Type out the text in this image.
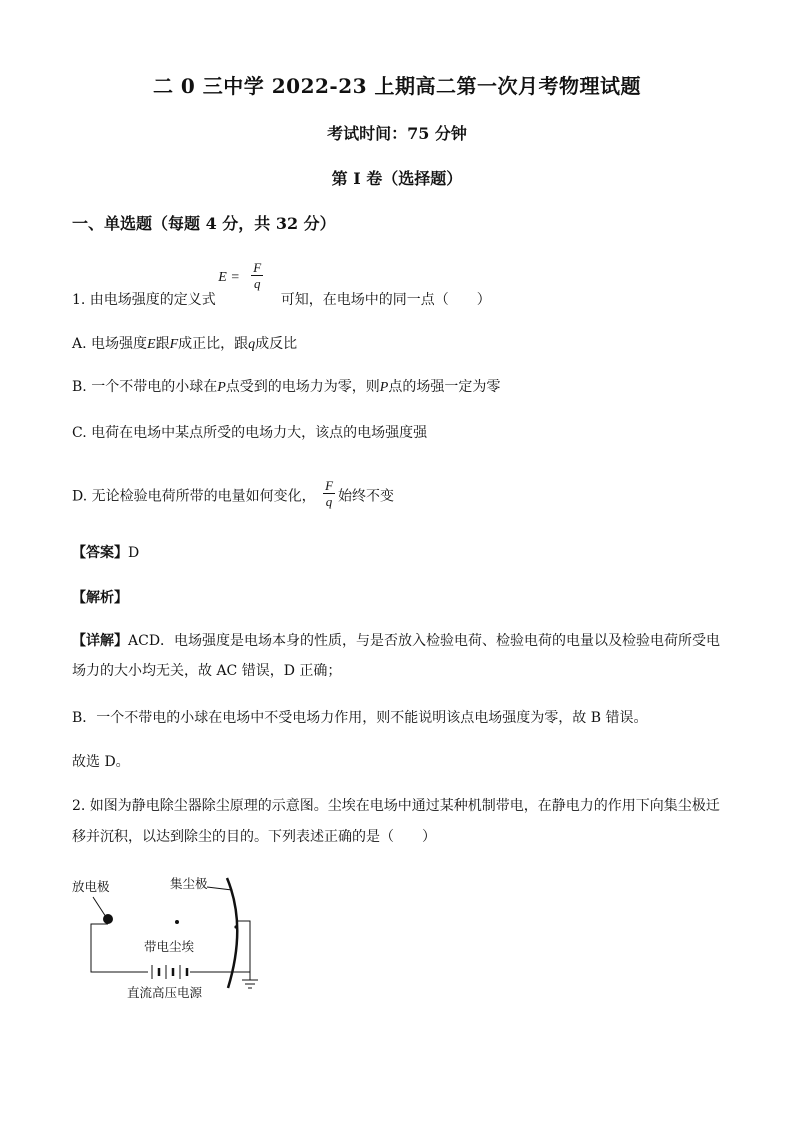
二 0 三中学 2022-23 上期高二第一次月考物理试题
考试时间：75 分钟
第 I 卷（选择题）
一、单选题（每题 4 分，共 32 分）
1. 由电场强度的定义式
$E = \frac{F}{q}$
可知，在电场中的同一点（　　）
A. 电场强度E跟F成正比，跟q成反比
B. 一个不带电的小球在P点受到的电场力为零，则P点的场强一定为零
C. 电荷在电场中某点所受的电场力大，该点的电场强度强
D. 无论检验电荷所带的电量如何变化， $\frac{F}{q}$ 始终不变
【答案】D
【解析】
【详解】ACD．电场强度是电场本身的性质，与是否放入检验电荷、检验电荷的电量以及检验电荷所受电场力的大小均无关，故 AC 错误，D 正确；
B．一个不带电的小球在电场中不受电场力作用，则不能说明该点电场强度为零，故 B 错误。
故选 D。
2. 如图为静电除尘器除尘原理的示意图。尘埃在电场中通过某种机制带电，在静电力的作用下向集尘极迁
移并沉积，以达到除尘的目的。下列表述正确的是（　　）
放电极	集尘极
带电尘埃
直流高压电源
